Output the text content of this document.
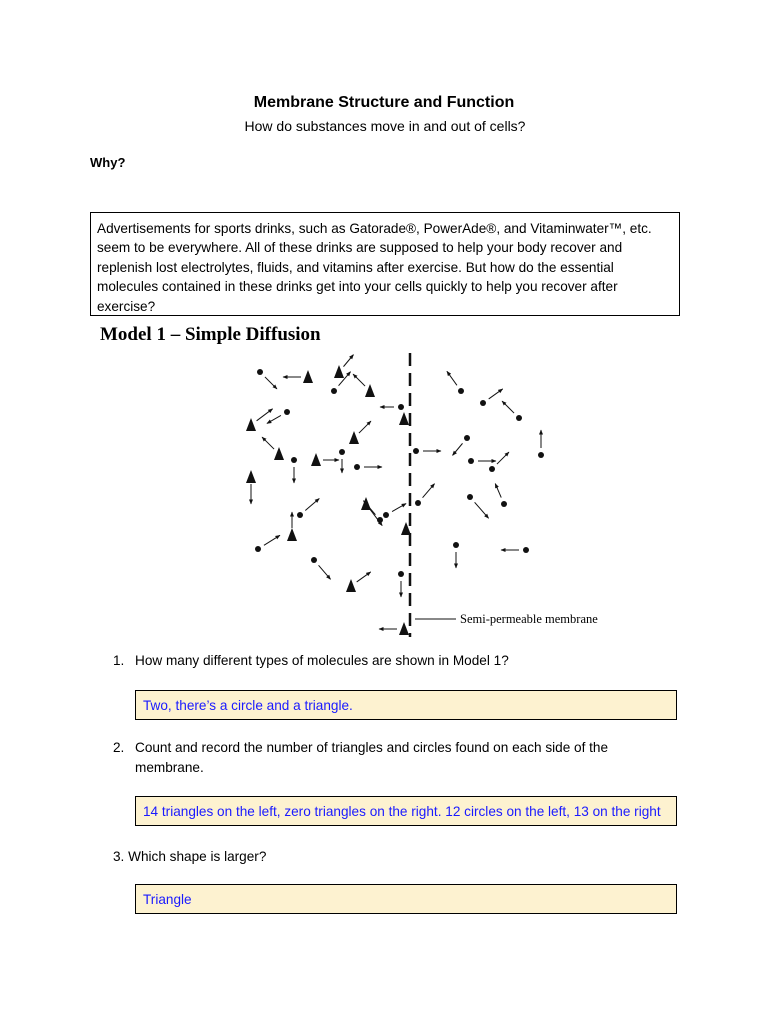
Membrane Structure and Function
How do substances move in and out of cells?
Why?
Advertisements for sports drinks, such as Gatorade®, PowerAde®, and Vitaminwater™, etc. seem to be everywhere. All of these drinks are supposed to help your body recover and replenish lost electrolytes, fluids, and vitamins after exercise. But how do the essential molecules contained in these drinks get into your cells quickly to help you recover after exercise?
Model 1 – Simple Diffusion
Semi-permeable membrane
1. How many different types of molecules are shown in Model 1?
Two, there’s a circle and a triangle.
2. Count and record the number of triangles and circles found on each side of the membrane.
14 triangles on the left, zero triangles on the right. 12 circles on the left, 13 on the right
3. Which shape is larger?
Triangle
